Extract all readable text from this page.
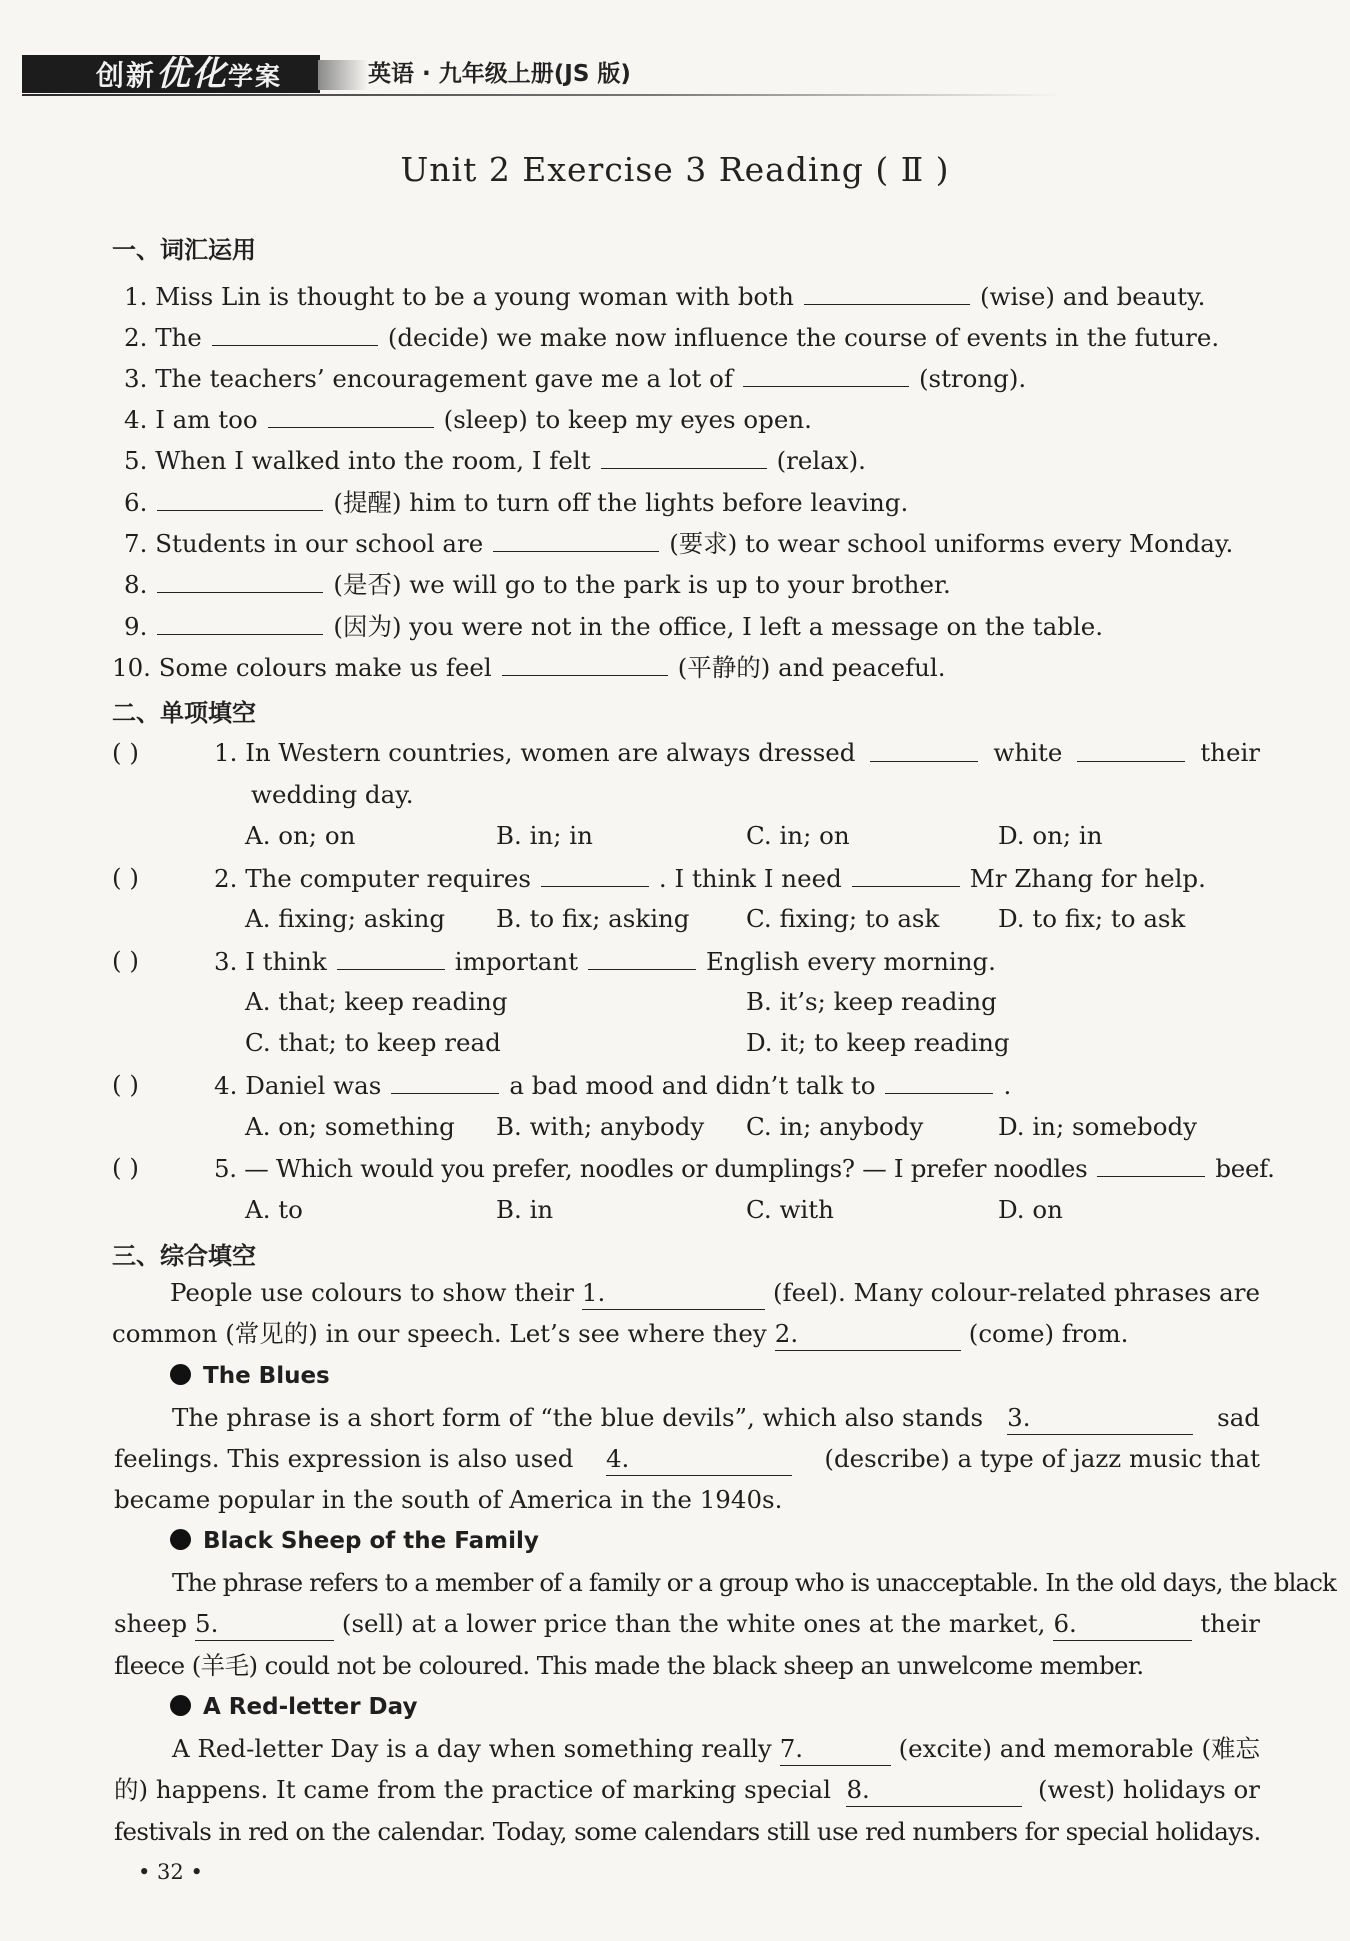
创新优化学案	英语 · 九年级上册(JS 版)
Unit 2 Exercise 3 Reading ( Ⅱ )
一、词汇运用
1. Miss Lin is thought to be a young woman with both	(wise) and beauty.
2. The	(decide) we make now influence the course of events in the future.
3. The teachers’ encouragement gave me a lot of	(strong).
4. I am too	(sleep) to keep my eyes open.
5. When I walked into the room, I felt	(relax).
6.	(提醒) him to turn off the lights before leaving.
7. Students in our school are	(要求) to wear school uniforms every Monday.
8.	(是否) we will go to the park is up to your brother.
9.	(因为) you were not in the office, I left a message on the table.
10. Some colours make us feel	(平静的) and peaceful.
二、单项填空
( )	1. In Western countries, women are always dressed	white	their
wedding day.
A. on; on	B. in; in	C. in; on	D. on; in
( )	2. The computer requires	. I think I need	Mr Zhang for help.
A. fixing; asking B. to fix; asking C. fixing; to ask D. to fix; to ask
( )	3. I think	important	English every morning.
A. that; keep reading	B. it’s; keep reading
C. that; to keep read	D. it; to keep reading
( )	4. Daniel was	a bad mood and didn’t talk to	.
A. on; something B. with; anybody C. in; anybody	D. in; somebody
( )	5. — Which would you prefer, noodles or dumplings? — I prefer noodles	beef.
A. to	B. in	C. with	D. on
三、综合填空
People use colours to show their 1.	(feel). Many colour-related phrases are
common (常见的) in our speech. Let’s see where they 2.	(come) from.
The Blues
The phrase is a short form of “the blue devils”, which also stands 3.	sad
feelings. This expression is also used 4.	(describe) a type of jazz music that
became popular in the south of America in the 1940s.
Black Sheep of the Family
The phrase refers to a member of a family or a group who is unacceptable. In the old days, the black
sheep 5.	(sell) at a lower price than the white ones at the market, 6.	their
fleece (羊毛) could not be coloured. This made the black sheep an unwelcome member.
A Red-letter Day
A Red-letter Day is a day when something really 7.	(excite) and memorable (难忘
的) happens. It came from the practice of marking special 8.	(west) holidays or
festivals in red on the calendar. Today, some calendars still use red numbers for special holidays.
• 32 •
